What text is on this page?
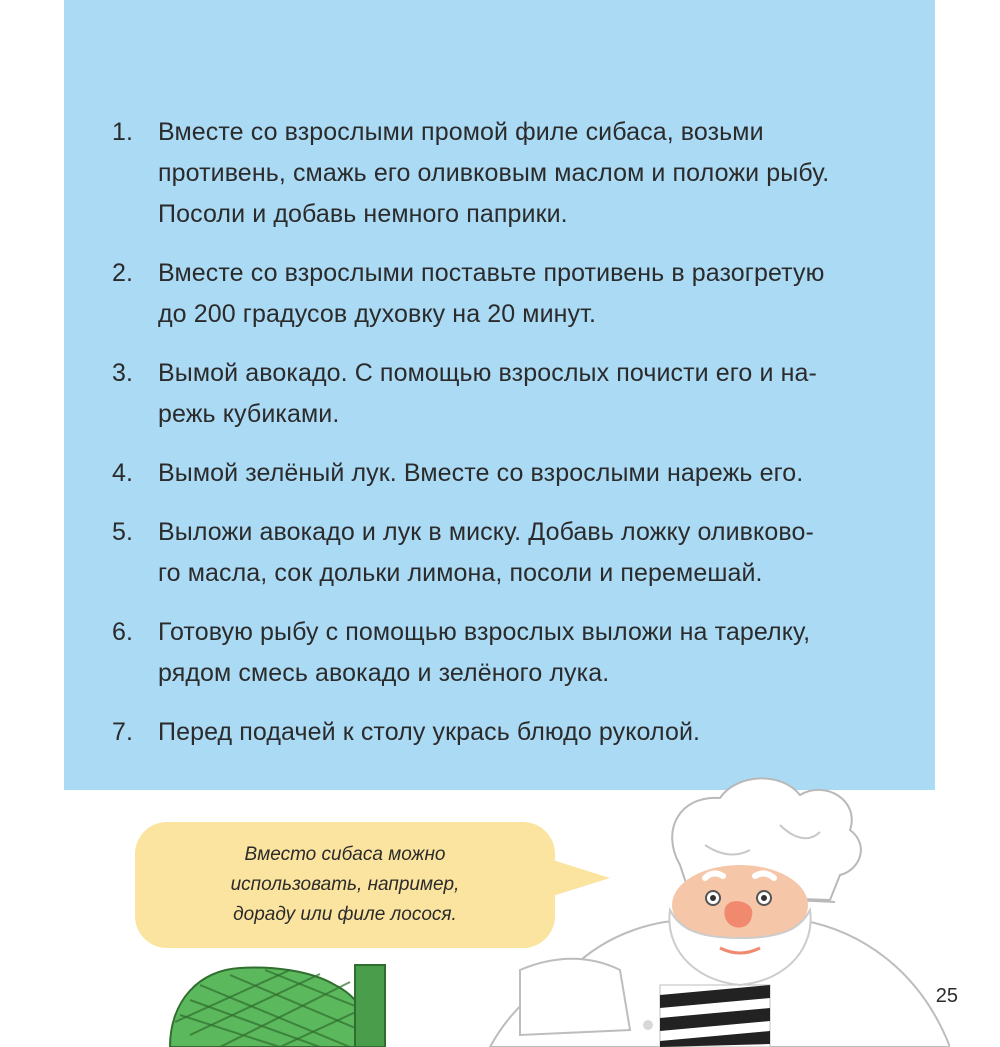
1. Вместе со взрослыми промой филе сибаса, возьми
противень, смажь его оливковым маслом и положи рыбу.
Посоли и добавь немного паприки.
2. Вместе со взрослыми поставьте противень в разогретую
до 200 градусов духовку на 20 минут.
3. Вымой авокадо. С помощью взрослых почисти его и на-
режь кубиками.
4. Вымой зелёный лук. Вместе со взрослыми нарежь его.
5. Выложи авокадо и лук в миску. Добавь ложку оливково-
го масла, сок дольки лимона, посоли и перемешай.
6. Готовую рыбу с помощью взрослых выложи на тарелку,
рядом смесь авокадо и зелёного лука.
7. Перед подачей к столу укрась блюдо руколой.
Вместо сибаса можно
использовать, например,
дораду или филе лосося.
25
